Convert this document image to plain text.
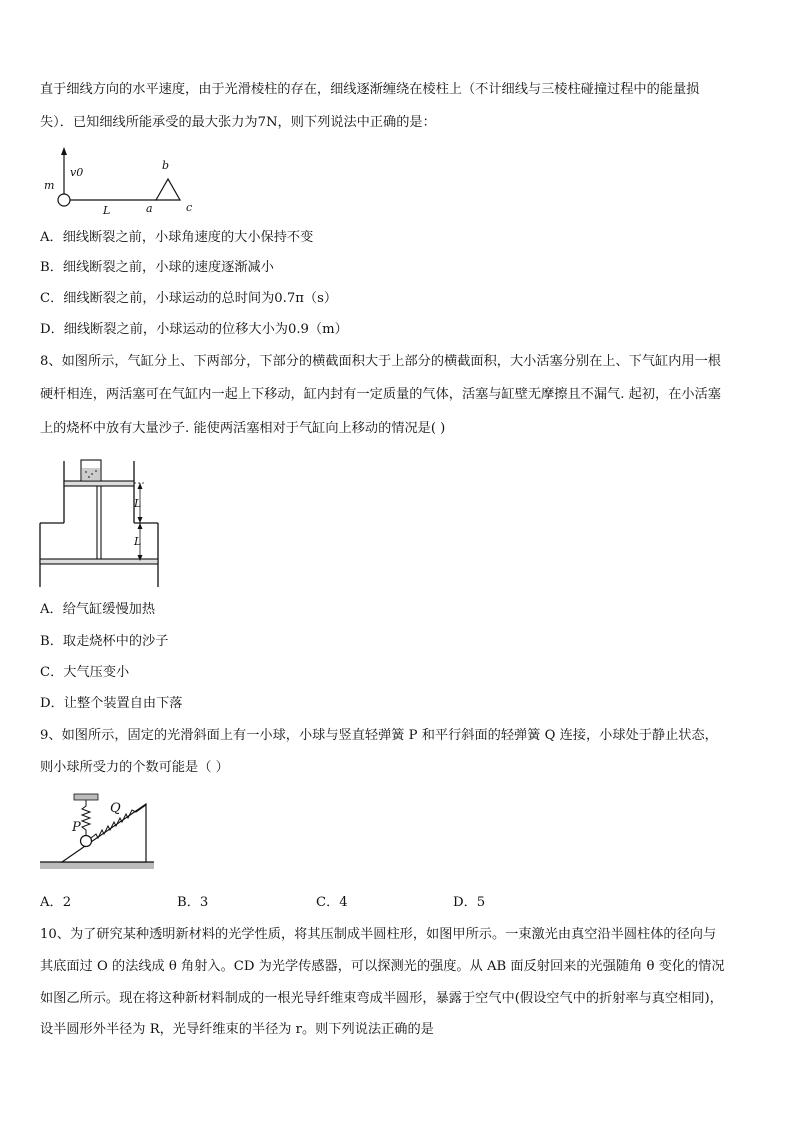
直于细线方向的水平速度，由于光滑棱柱的存在，细线逐渐缠绕在棱柱上（不计细线与三棱柱碰撞过程中的能量损
失）．已知细线所能承受的最大张力为7N，则下列说法中正确的是：
m
v0
L	a
b
c
A．细线断裂之前，小球角速度的大小保持不变
B．细线断裂之前，小球的速度逐渐减小
C．细线断裂之前，小球运动的总时间为0.7π（s）
D．细线断裂之前，小球运动的位移大小为0.9（m）
8、如图所示，气缸分上、下两部分，下部分的横截面积大于上部分的横截面积，大小活塞分别在上、下气缸内用一根
硬杆相连，两活塞可在气缸内一起上下移动，缸内封有一定质量的气体，活塞与缸壁无摩擦且不漏气. 起初，在小活塞
上的烧杯中放有大量沙子. 能使两活塞相对于气缸向上移动的情况是( )
L
L
A．给气缸缓慢加热
B．取走烧杯中的沙子
C．大气压变小
D．让整个装置自由下落
9、如图所示，固定的光滑斜面上有一小球，小球与竖直轻弹簧 P 和平行斜面的轻弹簧 Q 连接，小球处于静止状态，
则小球所受力的个数可能是（ ）
P
Q
A．2	B．3	C．4	D．5
10、为了研究某种透明新材料的光学性质，将其压制成半圆柱形，如图甲所示。一束激光由真空沿半圆柱体的径向与
其底面过 O 的法线成 θ 角射入。CD 为光学传感器，可以探测光的强度。从 AB 面反射回来的光强随角 θ 变化的情况
如图乙所示。现在将这种新材料制成的一根光导纤维束弯成半圆形，暴露于空气中(假设空气中的折射率与真空相同)，
设半圆形外半径为 R，光导纤维束的半径为 r。则下列说法正确的是
